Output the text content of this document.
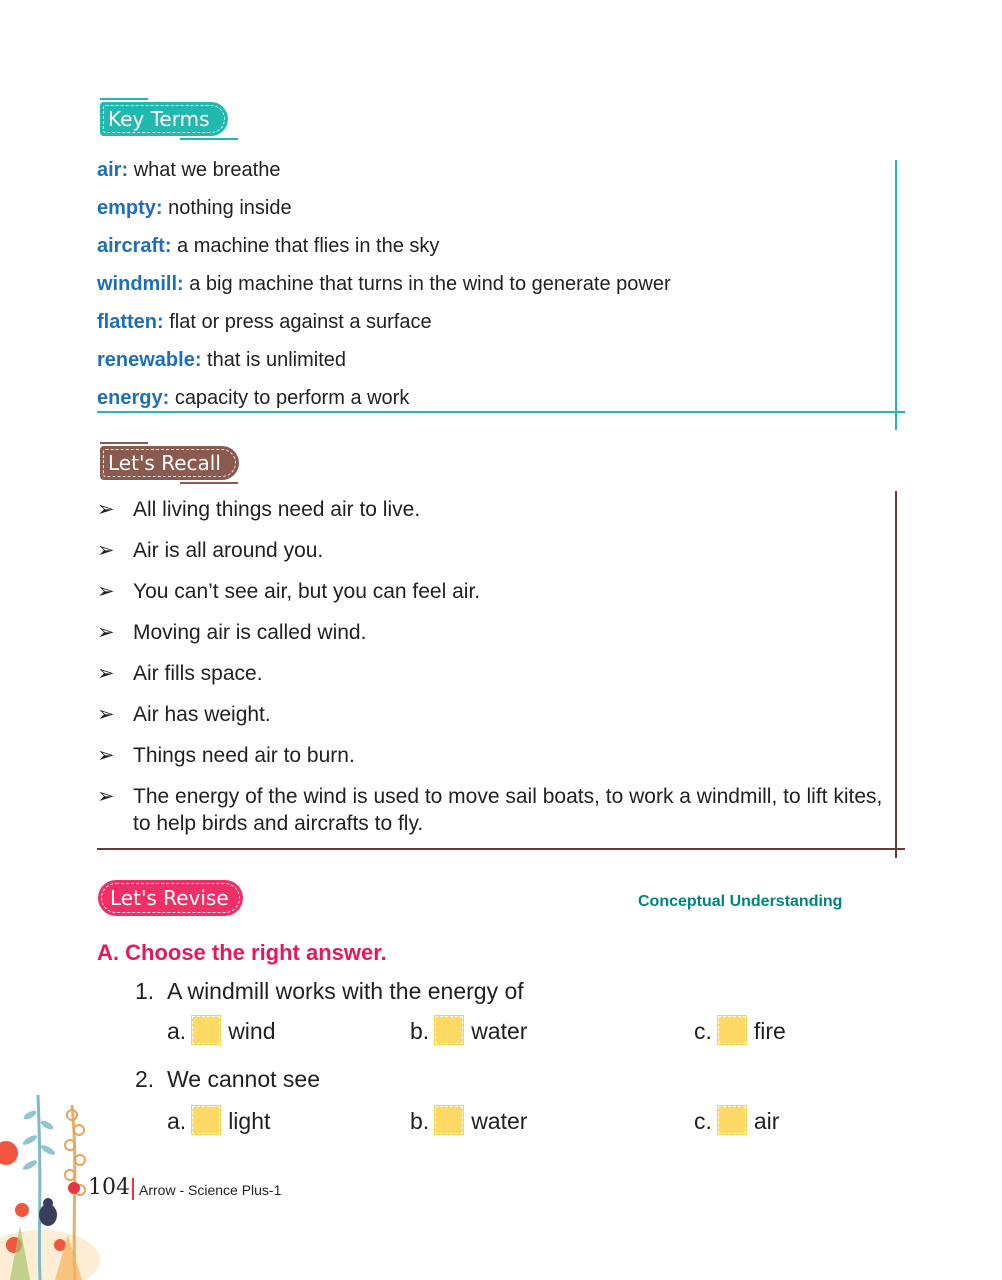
Key Terms
air: what we breathe
empty: nothing inside
aircraft: a machine that flies in the sky
windmill: a big machine that turns in the wind to generate power
flatten: flat or press against a surface
renewable: that is unlimited
energy: capacity to perform a work
Let's Recall
➢ All living things need air to live.
➢ Air is all around you.
➢ You can’t see air, but you can feel air.
➢ Moving air is called wind.
➢ Air fills space.
➢ Air has weight.
➢ Things need air to burn.
➢ The energy of the wind is used to move sail boats, to work a windmill, to lift kites, to help birds and aircrafts to fly.
Let's Revise	Conceptual Understanding
A. Choose the right answer.
1. A windmill works with the energy of
a. wind	b. water	c. fire
2. We cannot see
a. light	b. water	c. air
104 Arrow - Science Plus-1
